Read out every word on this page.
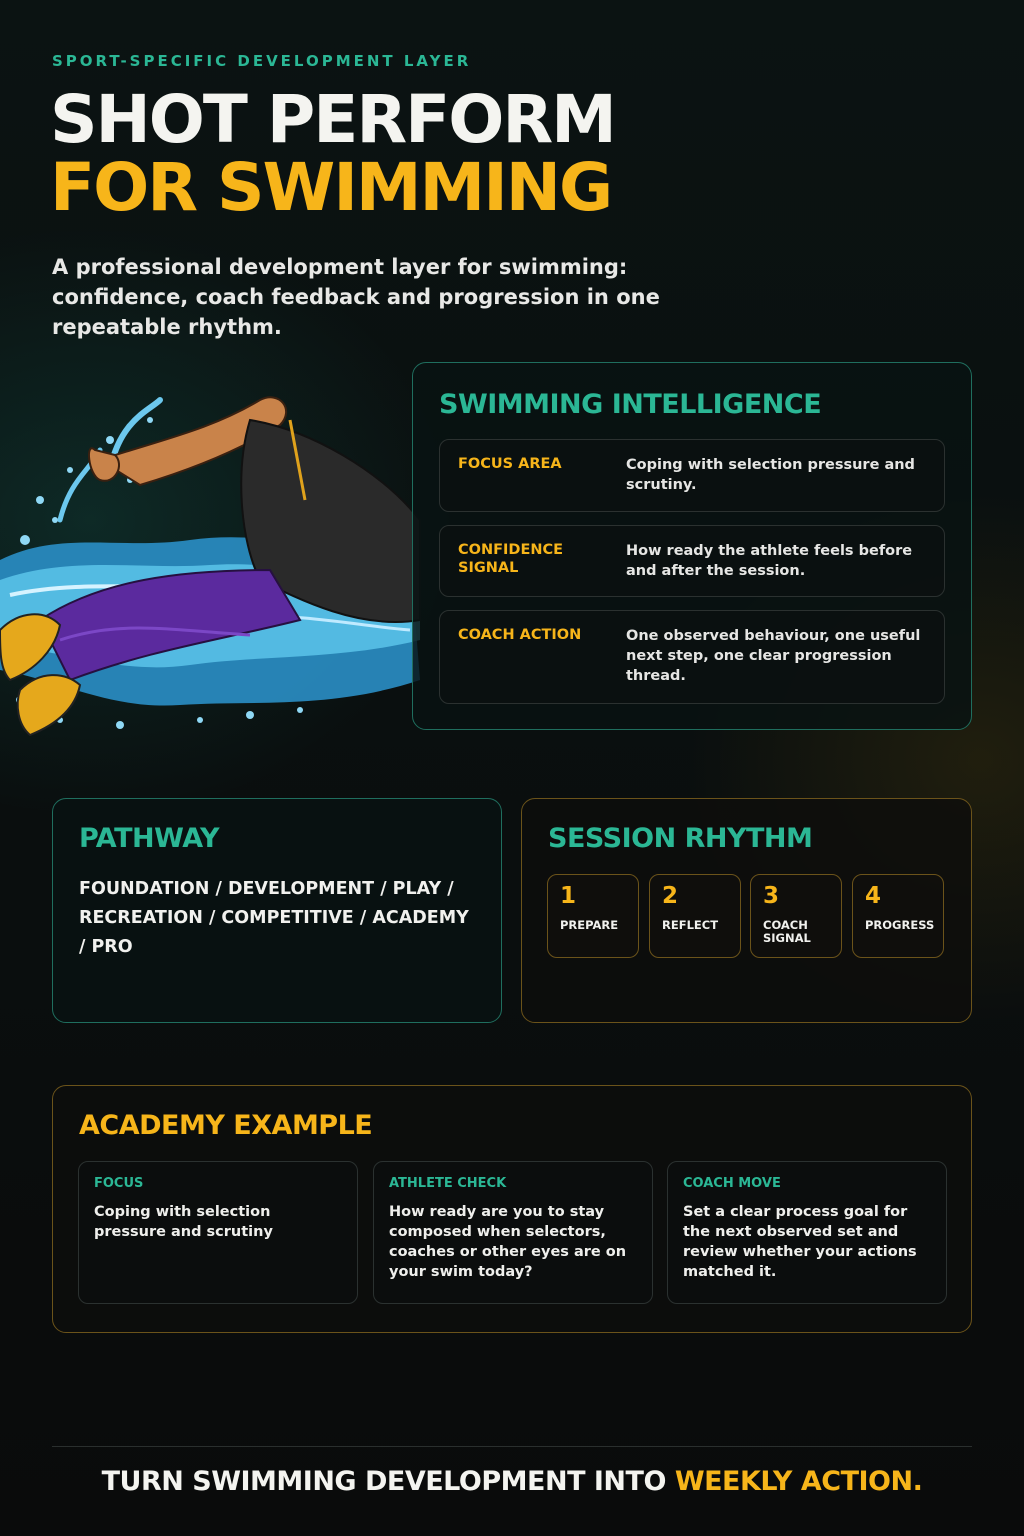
SPORT-SPECIFIC DEVELOPMENT LAYER
SHOT PERFORM
FOR SWIMMING
A professional development layer for swimming: confidence, coach feedback and progression in one repeatable rhythm.
SWIMMING INTELLIGENCE
FOCUS AREA	Coping with selection pressure and scrutiny.
CONFIDENCE SIGNAL
How ready the athlete feels before and after the session.
COACH ACTION	One observed behaviour, one useful next step, one clear progression thread.
PATHWAY
FOUNDATION / DEVELOPMENT / PLAY / RECREATION / COMPETITIVE / ACADEMY / PRO
SESSION RHYTHM
1
PREPARE
2
REFLECT
3
COACH SIGNAL
4
PROGRESS
ACADEMY EXAMPLE
FOCUS
Coping with selection pressure and scrutiny
ATHLETE CHECK
How ready are you to stay composed when selectors, coaches or other eyes are on your swim today?
COACH MOVE
Set a clear process goal for the next observed set and review whether your actions matched it.
TURN SWIMMING DEVELOPMENT INTO WEEKLY ACTION.
